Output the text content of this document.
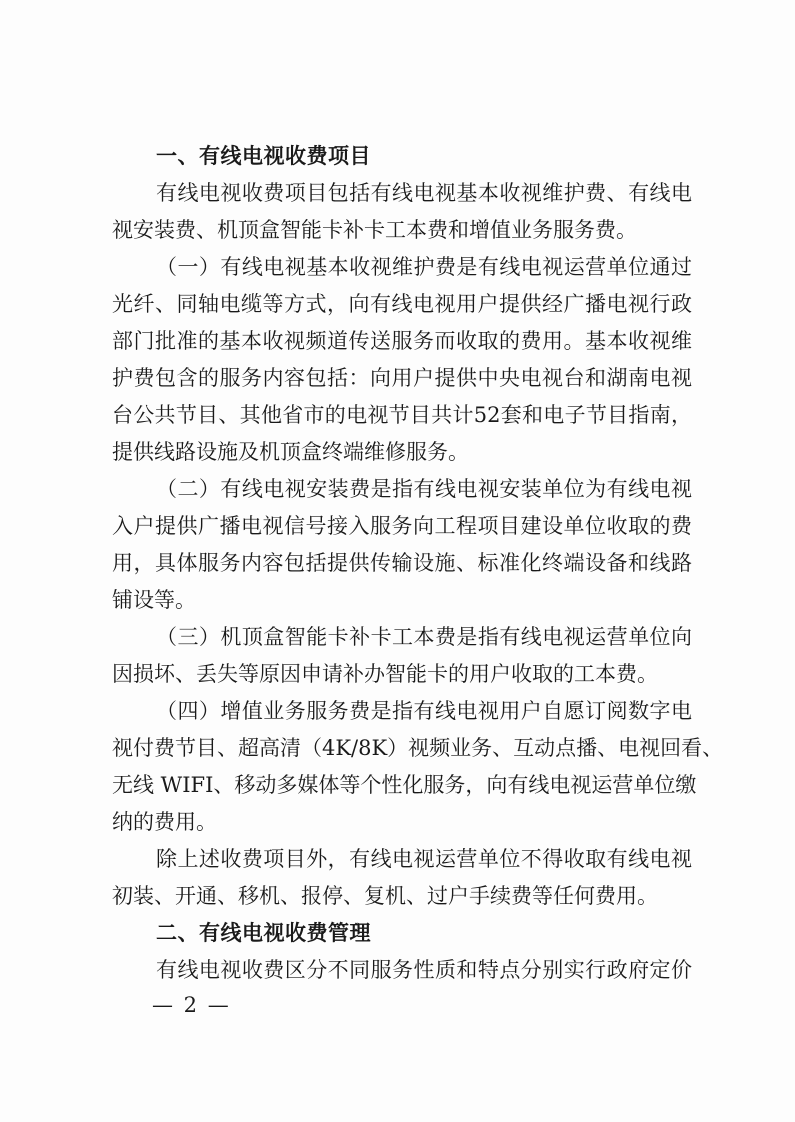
一、有线电视收费项目
有线电视收费项目包括有线电视基本收视维护费、有线电
视安装费、机顶盒智能卡补卡工本费和增值业务服务费。
（一）有线电视基本收视维护费是有线电视运营单位通过
光纤、同轴电缆等方式，向有线电视用户提供经广播电视行政
部门批准的基本收视频道传送服务而收取的费用。基本收视维
护费包含的服务内容包括：向用户提供中央电视台和湖南电视
台公共节目、其他省市的电视节目共计52套和电子节目指南，
提供线路设施及机顶盒终端维修服务。
（二）有线电视安装费是指有线电视安装单位为有线电视
入户提供广播电视信号接入服务向工程项目建设单位收取的费
用，具体服务内容包括提供传输设施、标准化终端设备和线路
铺设等。
（三）机顶盒智能卡补卡工本费是指有线电视运营单位向
因损坏、丢失等原因申请补办智能卡的用户收取的工本费。
（四）增值业务服务费是指有线电视用户自愿订阅数字电
视付费节目、超高清（4K/8K）视频业务、互动点播、电视回看、
无线 WIFI、移动多媒体等个性化服务，向有线电视运营单位缴
纳的费用。
除上述收费项目外，有线电视运营单位不得收取有线电视
初装、开通、移机、报停、复机、过户手续费等任何费用。
二、有线电视收费管理
有线电视收费区分不同服务性质和特点分别实行政府定价
— 2 —
